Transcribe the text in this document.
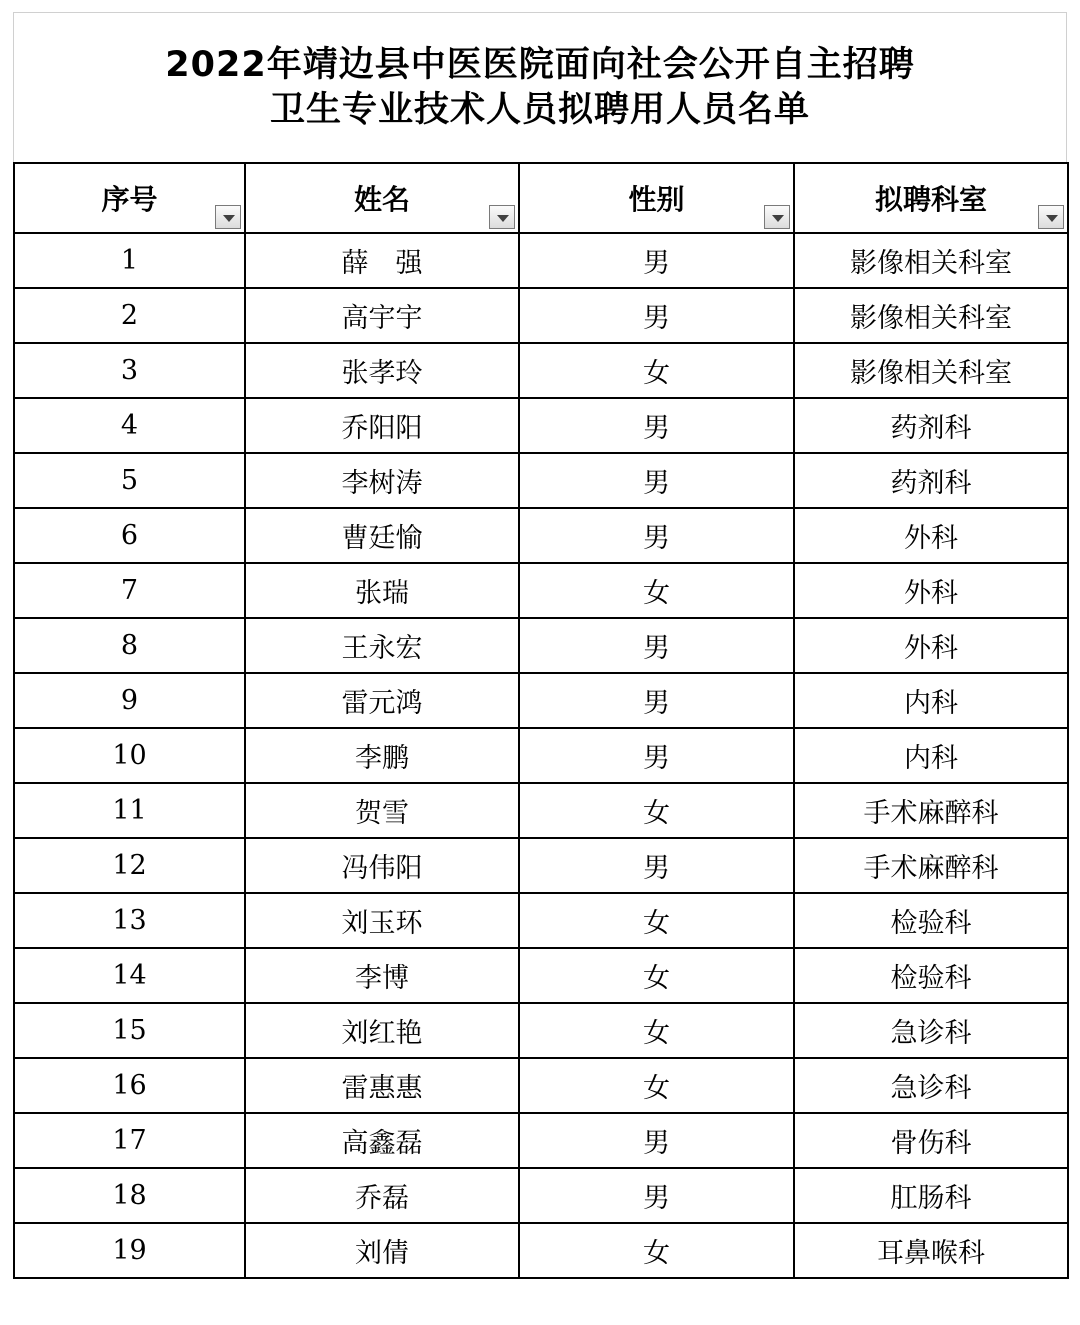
2022年靖边县中医医院面向社会公开自主招聘
卫生专业技术人员拟聘用人员名单
序号	姓名	性别	拟聘科室

1	薛　强	男	影像相关科室
2	高宇宇	男	影像相关科室
3	张孝玲	女	影像相关科室
4	乔阳阳	男	药剂科
5	李树涛	男	药剂科
6	曹廷愉	男	外科
7	张瑞	女	外科
8	王永宏	男	外科
9	雷元鸿	男	内科
10	李鹏	男	内科
11	贺雪	女	手术麻醉科
12	冯伟阳	男	手术麻醉科
13	刘玉环	女	检验科
14	李博	女	检验科
15	刘红艳	女	急诊科
16	雷惠惠	女	急诊科
17	高鑫磊	男	骨伤科
18	乔磊	男	肛肠科
19	刘倩	女	耳鼻喉科
